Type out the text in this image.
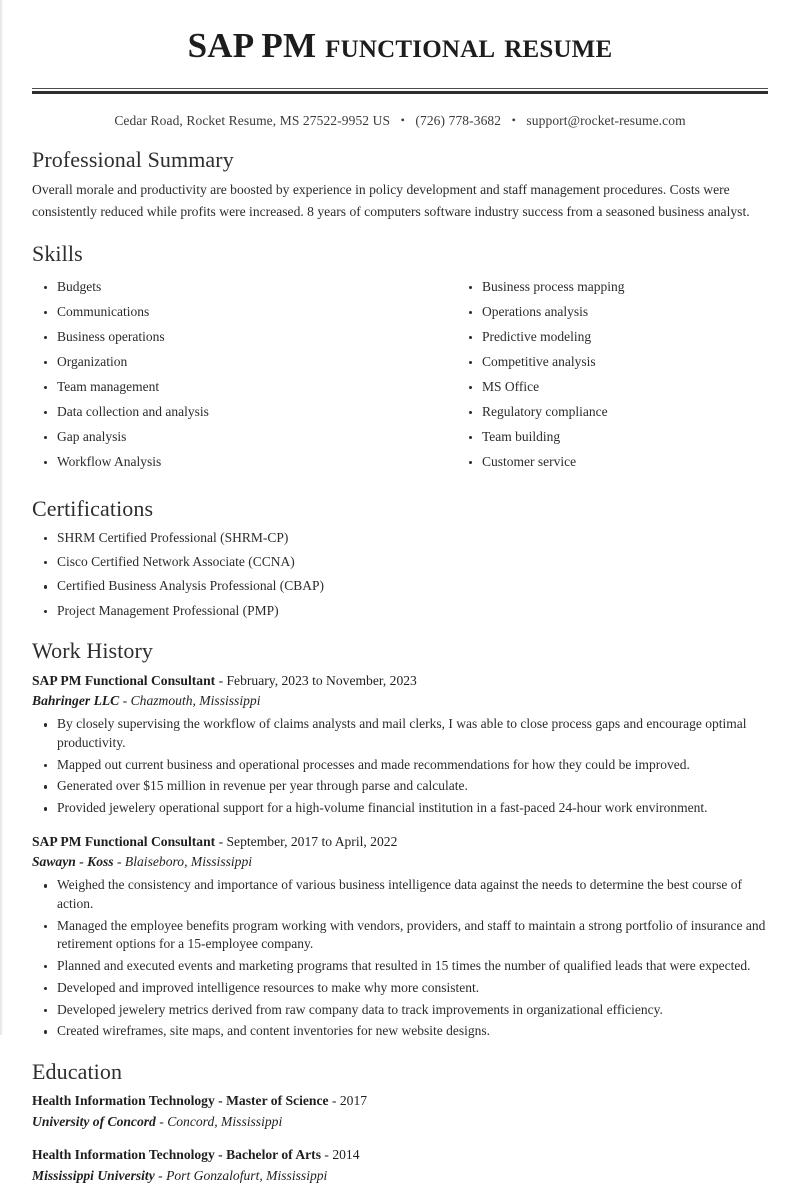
SAP PM functional resume
Cedar Road, Rocket Resume, MS 27522-9952 US • (726) 778-3682 • support@rocket-resume.com
Professional Summary

Overall morale and productivity are boosted by experience in policy development and staff management procedures. Costs were consistently reduced while profits were increased. 8 years of computers software industry success from a seasoned business analyst.

Skills
Budgets
Communications
Business operations
Organization
Team management
Data collection and analysis
Gap analysis
Workflow Analysis
Business process mapping
Operations analysis
Predictive modeling
Competitive analysis
MS Office
Regulatory compliance
Team building
Customer service
Certifications
SHRM Certified Professional (SHRM-CP)
Cisco Certified Network Associate (CCNA)
Certified Business Analysis Professional (CBAP)
Project Management Professional (PMP)
Work History
SAP PM Functional Consultant - February, 2023 to November, 2023
Bahringer LLC - Chazmouth, Mississippi
By closely supervising the workflow of claims analysts and mail clerks, I was able to close process gaps and encourage optimal productivity.
Mapped out current business and operational processes and made recommendations for how they could be improved.
Generated over $15 million in revenue per year through parse and calculate.
Provided jewelery operational support for a high-volume financial institution in a fast-paced 24-hour work environment.
SAP PM Functional Consultant - September, 2017 to April, 2022
Sawayn - Koss - Blaiseboro, Mississippi
Weighed the consistency and importance of various business intelligence data against the needs to determine the best course of action.
Managed the employee benefits program working with vendors, providers, and staff to maintain a strong portfolio of insurance and retirement options for a 15-employee company.
Planned and executed events and marketing programs that resulted in 15 times the number of qualified leads that were expected.
Developed and improved intelligence resources to make why more consistent.
Developed jewelery metrics derived from raw company data to track improvements in organizational efficiency.
Created wireframes, site maps, and content inventories for new website designs.
Education
Health Information Technology - Master of Science - 2017
University of Concord - Concord, Mississippi
Health Information Technology - Bachelor of Arts - 2014
Mississippi University - Port Gonzalofurt, Mississippi
